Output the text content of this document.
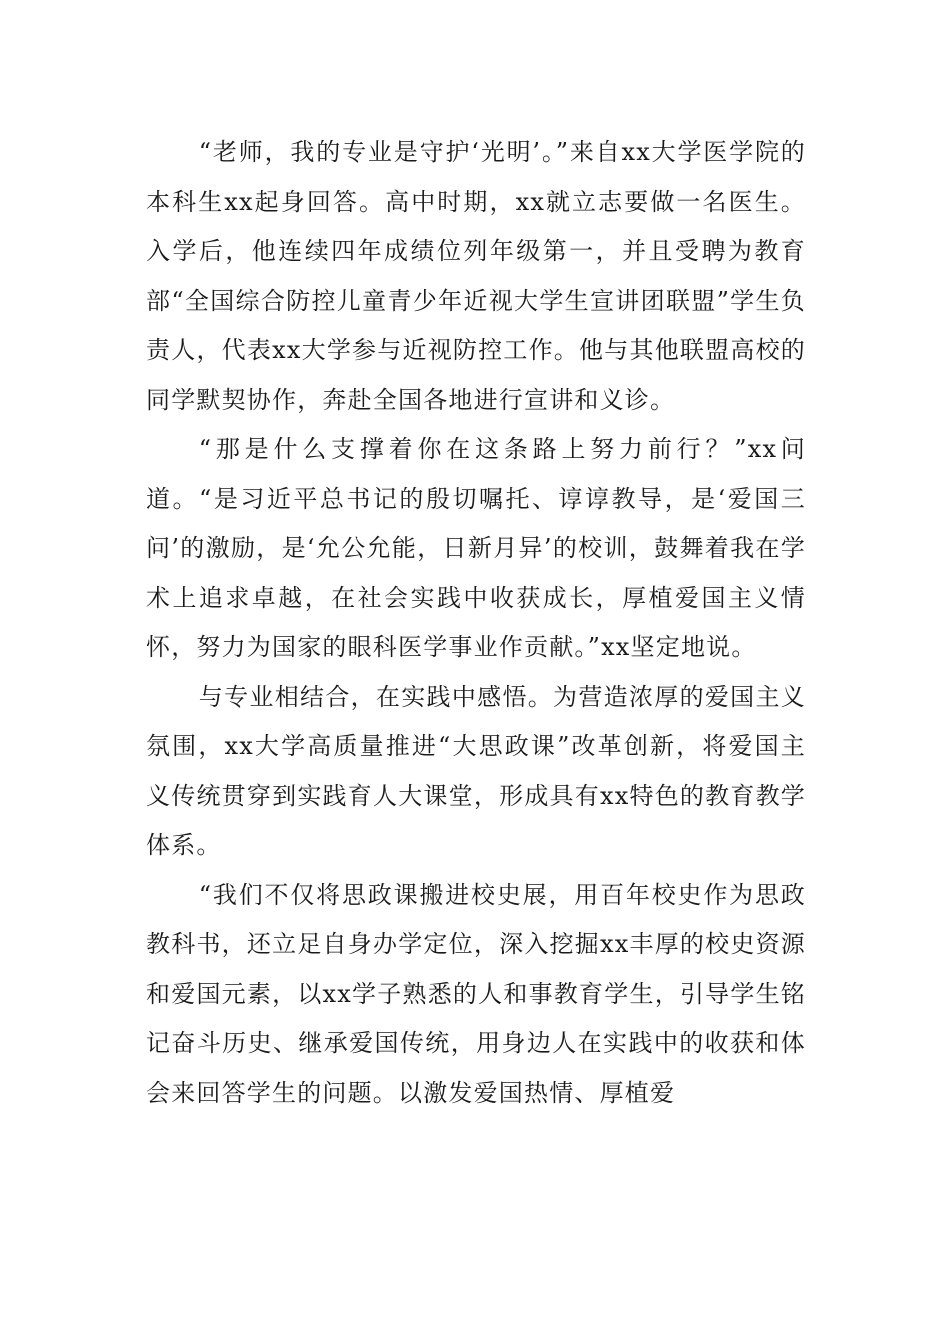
“老师，我的专业是守护‘光明’。”来自xx大学医学院的本科生xx起身回答。高中时期，xx就立志要做一名医生。入学后，他连续四年成绩位列年级第一，并且受聘为教育部“全国综合防控儿童青少年近视大学生宣讲团联盟”学生负责人，代表xx大学参与近视防控工作。他与其他联盟高校的同学默契协作，奔赴全国各地进行宣讲和义诊。

“那是什么支撑着你在这条路上努力前行？”xx问道。“是习近平总书记的殷切嘱托、谆谆教导，是‘爱国三问’的激励，是‘允公允能，日新月异’的校训，鼓舞着我在学术上追求卓越，在社会实践中收获成长，厚植爱国主义情怀，努力为国家的眼科医学事业作贡献。”xx坚定地说。

与专业相结合，在实践中感悟。为营造浓厚的爱国主义氛围，xx大学高质量推进“大思政课”改革创新，将爱国主义传统贯穿到实践育人大课堂，形成具有xx特色的教育教学体系。

“我们不仅将思政课搬进校史展，用百年校史作为思政教科书，还立足自身办学定位，深入挖掘xx丰厚的校史资源和爱国元素，以xx学子熟悉的人和事教育学生，引导学生铭记奋斗历史、继承爱国传统，用身边人在实践中的收获和体会来回答学生的问题。以激发爱国热情、厚植爱
